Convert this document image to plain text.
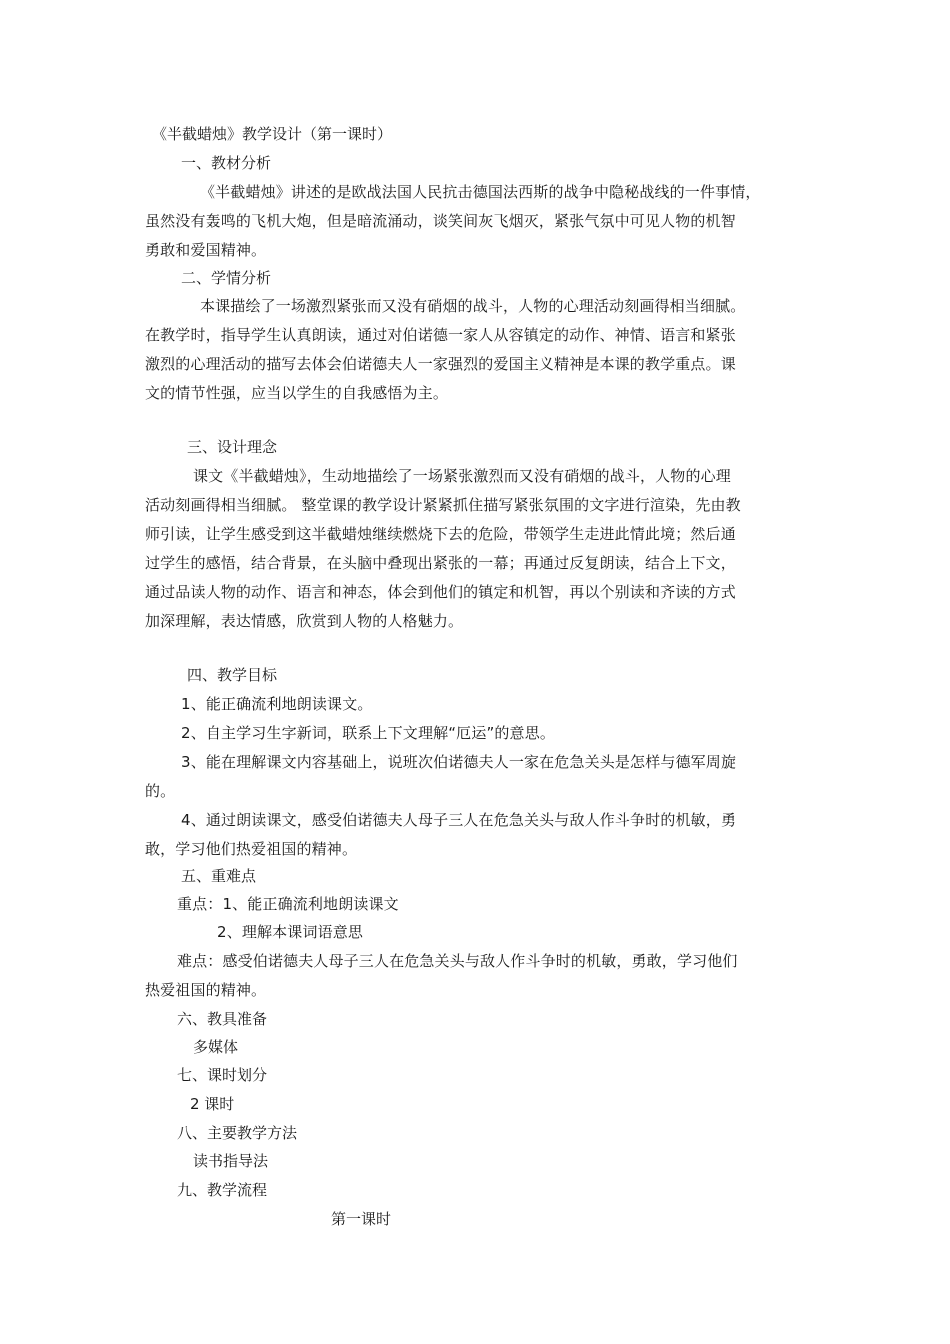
《半截蜡烛》教学设计（第一课时）
一、教材分析
《半截蜡烛》讲述的是欧战法国人民抗击德国法西斯的战争中隐秘战线的一件事情，
虽然没有轰鸣的飞机大炮，但是暗流涌动，谈笑间灰飞烟灭，紧张气氛中可见人物的机智
勇敢和爱国精神。
二、学情分析
本课描绘了一场激烈紧张而又没有硝烟的战斗，人物的心理活动刻画得相当细腻。
在教学时，指导学生认真朗读，通过对伯诺德一家人从容镇定的动作、神情、语言和紧张
激烈的心理活动的描写去体会伯诺德夫人一家强烈的爱国主义精神是本课的教学重点。课
文的情节性强，应当以学生的自我感悟为主。
三、设计理念
课文《半截蜡烛》，生动地描绘了一场紧张激烈而又没有硝烟的战斗，人物的心理
活动刻画得相当细腻。 整堂课的教学设计紧紧抓住描写紧张氛围的文字进行渲染，先由教
师引读，让学生感受到这半截蜡烛继续燃烧下去的危险，带领学生走进此情此境；然后通
过学生的感悟，结合背景，在头脑中叠现出紧张的一幕；再通过反复朗读，结合上下文，
通过品读人物的动作、语言和神态，体会到他们的镇定和机智，再以个别读和齐读的方式
加深理解，表达情感，欣赏到人物的人格魅力。
四、教学目标
1、能正确流利地朗读课文。
2、自主学习生字新词，联系上下文理解“厄运”的意思。
3、能在理解课文内容基础上，说班次伯诺德夫人一家在危急关头是怎样与德军周旋
的。
4、通过朗读课文，感受伯诺德夫人母子三人在危急关头与敌人作斗争时的机敏，勇
敢，学习他们热爱祖国的精神。
五、重难点
重点：1、能正确流利地朗读课文
2、理解本课词语意思
难点：感受伯诺德夫人母子三人在危急关头与敌人作斗争时的机敏，勇敢，学习他们
热爱祖国的精神。
六、教具准备
多媒体
七、课时划分
2 课时
八、主要教学方法
读书指导法
九、教学流程
第一课时
